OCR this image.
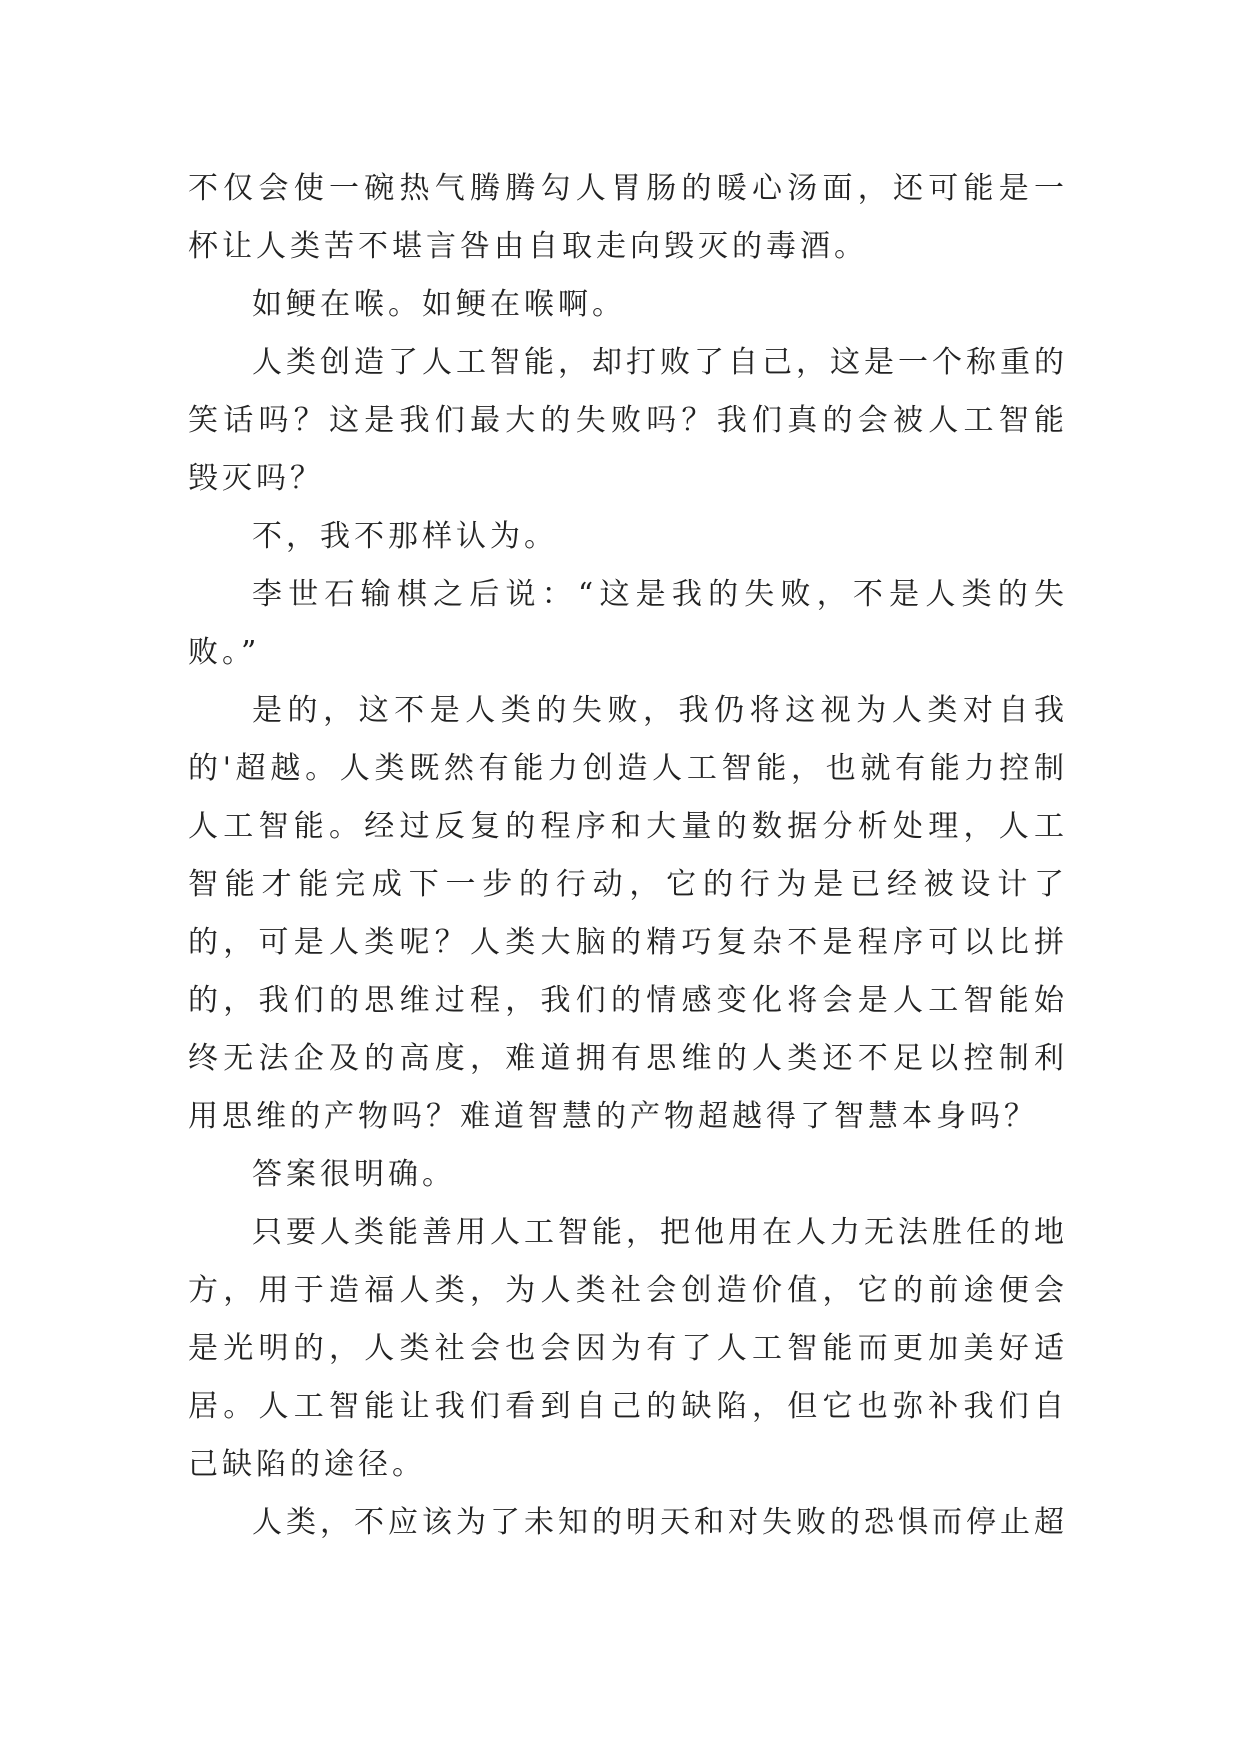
不仅会使一碗热气腾腾勾人胃肠的暖心汤面，还可能是一杯让人类苦不堪言咎由自取走向毁灭的毒酒。

如鲠在喉。如鲠在喉啊。

人类创造了人工智能，却打败了自己，这是一个称重的笑话吗？这是我们最大的失败吗？我们真的会被人工智能毁灭吗？

不，我不那样认为。

李世石输棋之后说：“这是我的失败，不是人类的失败。”

是的，这不是人类的失败，我仍将这视为人类对自我的'超越。人类既然有能力创造人工智能，也就有能力控制人工智能。经过反复的程序和大量的数据分析处理，人工智能才能完成下一步的行动，它的行为是已经被设计了的，可是人类呢？人类大脑的精巧复杂不是程序可以比拼的，我们的思维过程，我们的情感变化将会是人工智能始终无法企及的高度，难道拥有思维的人类还不足以控制利用思维的产物吗？难道智慧的产物超越得了智慧本身吗？

答案很明确。

只要人类能善用人工智能，把他用在人力无法胜任的地方，用于造福人类，为人类社会创造价值，它的前途便会是光明的，人类社会也会因为有了人工智能而更加美好适居。人工智能让我们看到自己的缺陷，但它也弥补我们自己缺陷的途径。

人类，不应该为了未知的明天和对失败的恐惧而停止超
